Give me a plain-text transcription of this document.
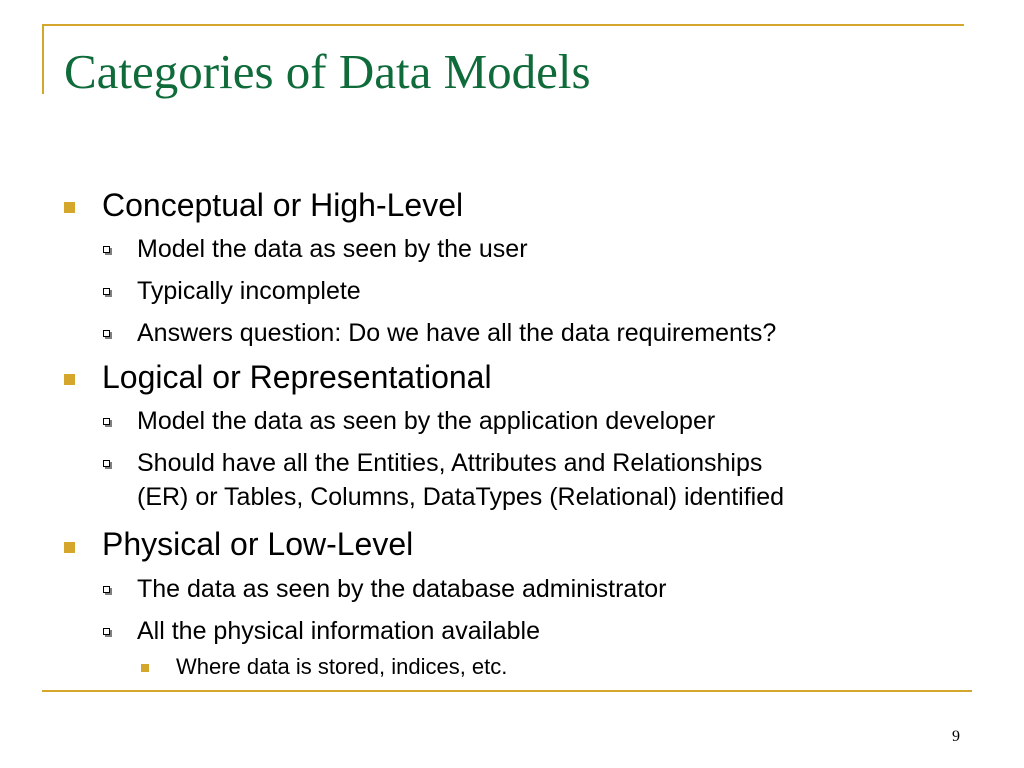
Categories of Data Models
Conceptual or High-Level
Model the data as seen by the user
Typically incomplete
Answers question: Do we have all the data requirements?
Logical or Representational
Model the data as seen by the application developer
Should have all the Entities, Attributes and Relationships
(ER) or Tables, Columns, DataTypes (Relational) identified
Physical or Low-Level
The data as seen by the database administrator
All the physical information available
Where data is stored, indices, etc.
9
